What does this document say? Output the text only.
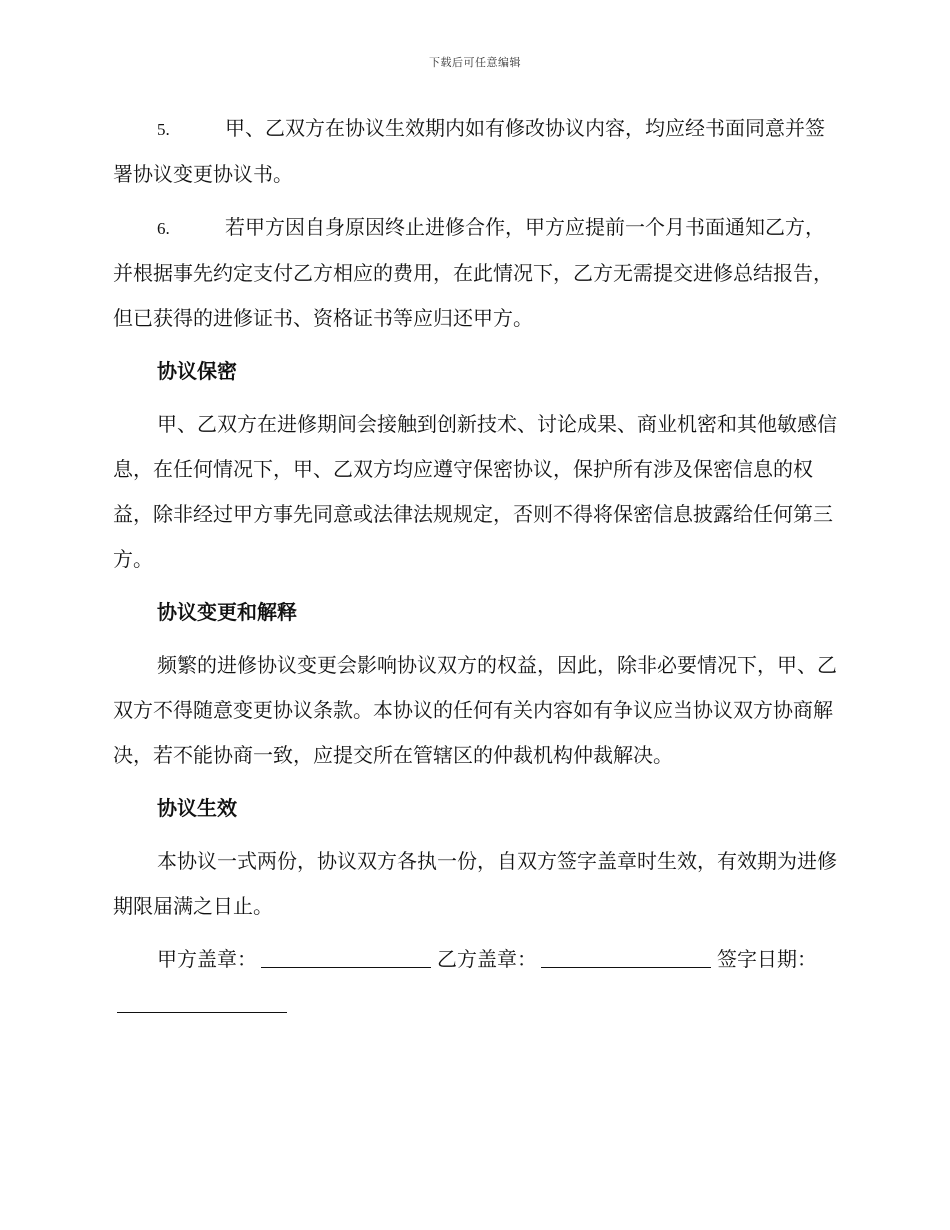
下载后可任意编辑

5.	甲、乙双方在协议生效期内如有修改协议内容，均应经书面同意并签署协议变更协议书。

6.	若甲方因自身原因终止进修合作，甲方应提前一个月书面通知乙方，并根据事先约定支付乙方相应的费用，在此情况下，乙方无需提交进修总结报告，但已获得的进修证书、资格证书等应归还甲方。

协议保密

甲、乙双方在进修期间会接触到创新技术、讨论成果、商业机密和其他敏感信息，在任何情况下，甲、乙双方均应遵守保密协议，保护所有涉及保密信息的权益，除非经过甲方事先同意或法律法规规定，否则不得将保密信息披露给任何第三方。

协议变更和解释

频繁的进修协议变更会影响协议双方的权益，因此，除非必要情况下，甲、乙双方不得随意变更协议条款。本协议的任何有关内容如有争议应当协议双方协商解决，若不能协商一致，应提交所在管辖区的仲裁机构仲裁解决。

协议生效

本协议一式两份，协议双方各执一份，自双方签字盖章时生效，有效期为进修期限届满之日止。

甲方盖章：	乙方盖章：	签字日期：
